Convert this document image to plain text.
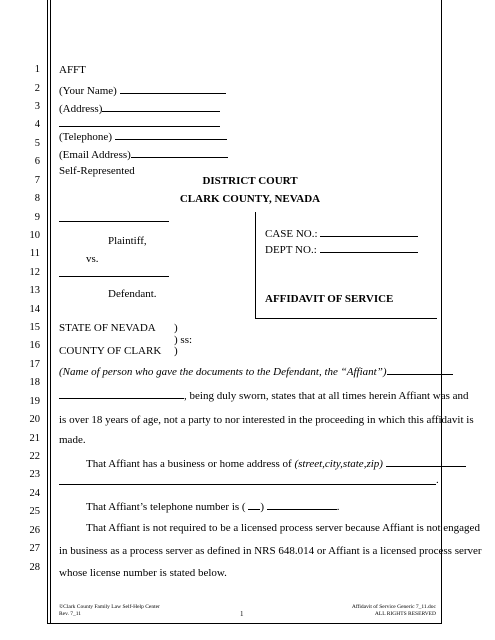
1
2
3
4
5
6
7
8
9
10
11
12
13
14
15
16
17
18
19
20
21
22
23
24
25
26
27
28
AFFT
(Your Name)
(Address)
(Telephone)
(Email Address)
Self-Represented
DISTRICT COURT
CLARK COUNTY, NEVADA
Plaintiff,
vs.
Defendant.
CASE NO.:
DEPT NO.:
AFFIDAVIT OF SERVICE
STATE OF NEVADA )
) ss:
COUNTY OF CLARK )
(Name of person who gave the documents to the Defendant, the “Affiant”)
, being duly sworn, states that at all times herein Affiant was and
is over 18 years of age, not a party to nor interested in the proceeding in which this affidavit is
made.
That Affiant has a business or home address of (street,city,state,zip)
.
That Affiant’s telephone number is ( )	.
That Affiant is not required to be a licensed process server because Affiant is not engaged
in business as a process server as defined in NRS 648.014 or Affiant is a licensed process server
whose license number is stated below.
©Clark County Family Law Self-Help Center
Rev. 7_11	1
Affidavit of Service Generic 7_11.doc
ALL RIGHTS RESERVED
